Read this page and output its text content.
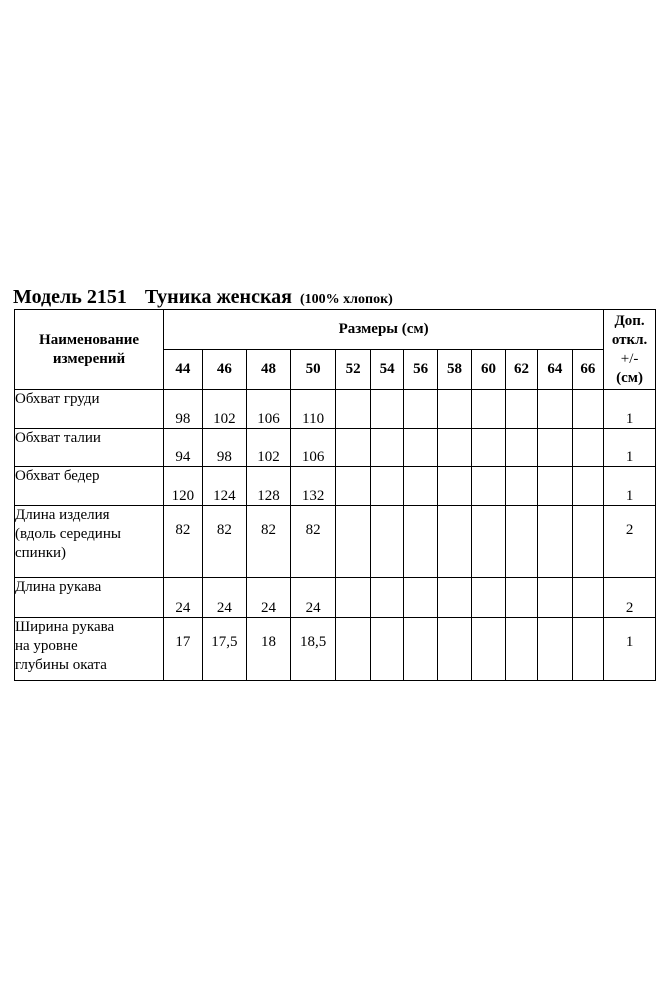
Модель 2151 Туника женская (100% хлопок)
Наименование
измерений	Размеры (см)												Доп.
откл.
+/-
(см)
	44	46	48	50	52	54	56	58	60	62	64	66	
Обхват груди	98	102	106	110									1
Обхват талии	94	98	102	106									1
Обхват бедер	120	124	128	132									1
Длина изделия
(вдоль середины
спинки)	82	82	82	82									2
Длина рукава	24	24	24	24									2
Ширина рукава
на уровне
глубины оката	17	17,5	18	18,5									1
